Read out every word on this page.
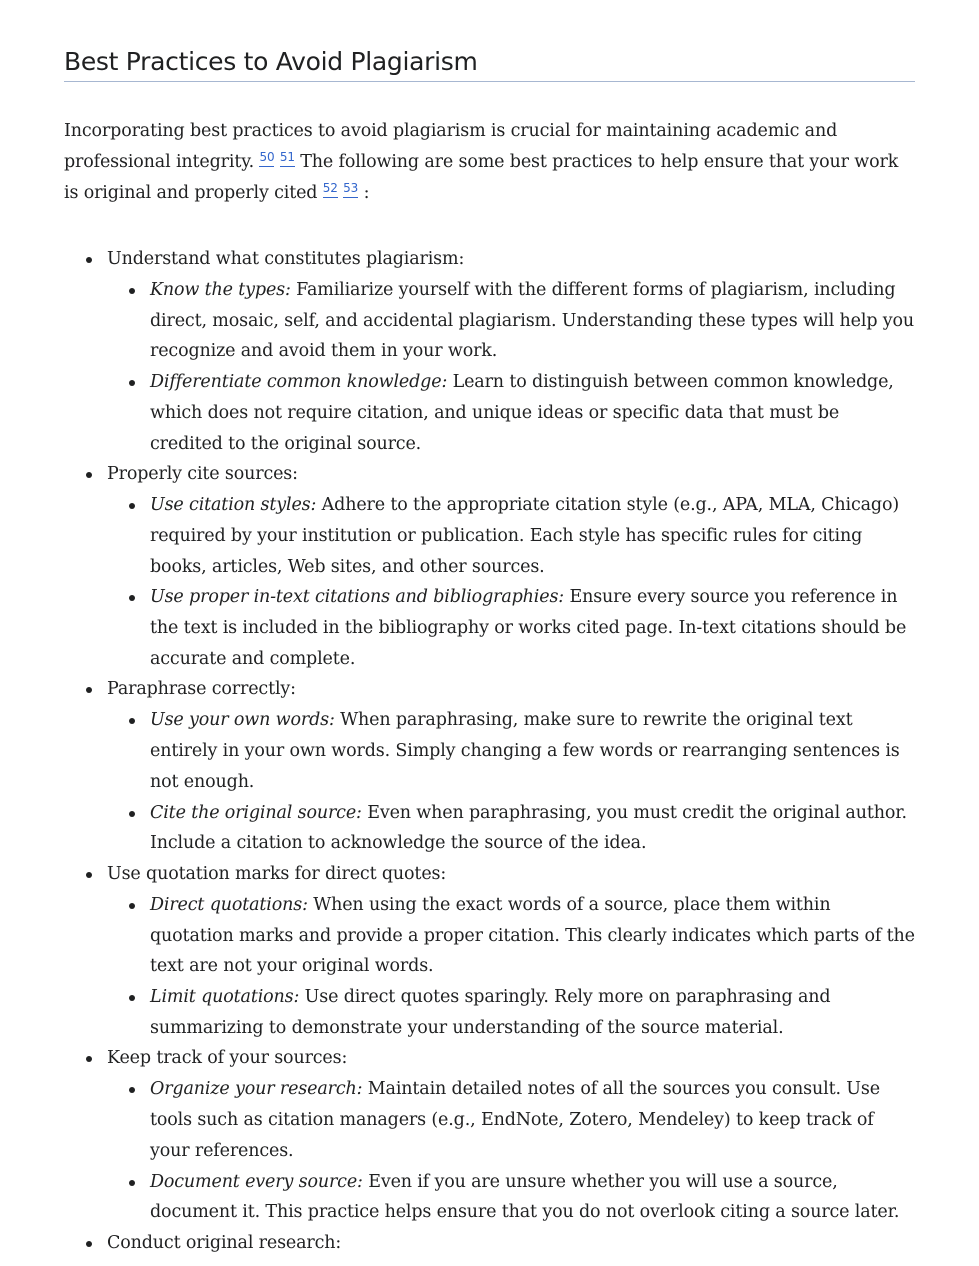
Best Practices to Avoid Plagiarism

Incorporating best practices to avoid plagiarism is crucial for maintaining academic and professional integrity. $^{50}$ $^{51}$ The following are some best practices to help ensure that your work is original and properly cited $^{52}$ $^{53}$ :

Understand what constitutes plagiarism:
Know the types: Familiarize yourself with the different forms of plagiarism, including direct, mosaic, self, and accidental plagiarism. Understanding these types will help you recognize and avoid them in your work.
Differentiate common knowledge: Learn to distinguish between common knowledge, which does not require citation, and unique ideas or specific data that must be credited to the original source.
Properly cite sources:
Use citation styles: Adhere to the appropriate citation style (e.g., APA, MLA, Chicago) required by your institution or publication. Each style has specific rules for citing books, articles, Web sites, and other sources.
Use proper in-text citations and bibliographies: Ensure every source you reference in the text is included in the bibliography or works cited page. In-text citations should be accurate and complete.
Paraphrase correctly:
Use your own words: When paraphrasing, make sure to rewrite the original text entirely in your own words. Simply changing a few words or rearranging sentences is not enough.
Cite the original source: Even when paraphrasing, you must credit the original author. Include a citation to acknowledge the source of the idea.
Use quotation marks for direct quotes:
Direct quotations: When using the exact words of a source, place them within quotation marks and provide a proper citation. This clearly indicates which parts of the text are not your original words.
Limit quotations: Use direct quotes sparingly. Rely more on paraphrasing and summarizing to demonstrate your understanding of the source material.
Keep track of your sources:
Organize your research: Maintain detailed notes of all the sources you consult. Use tools such as citation managers (e.g., EndNote, Zotero, Mendeley) to keep track of your references.
Document every source: Even if you are unsure whether you will use a source, document it. This practice helps ensure that you do not overlook citing a source later.
Conduct original research:
